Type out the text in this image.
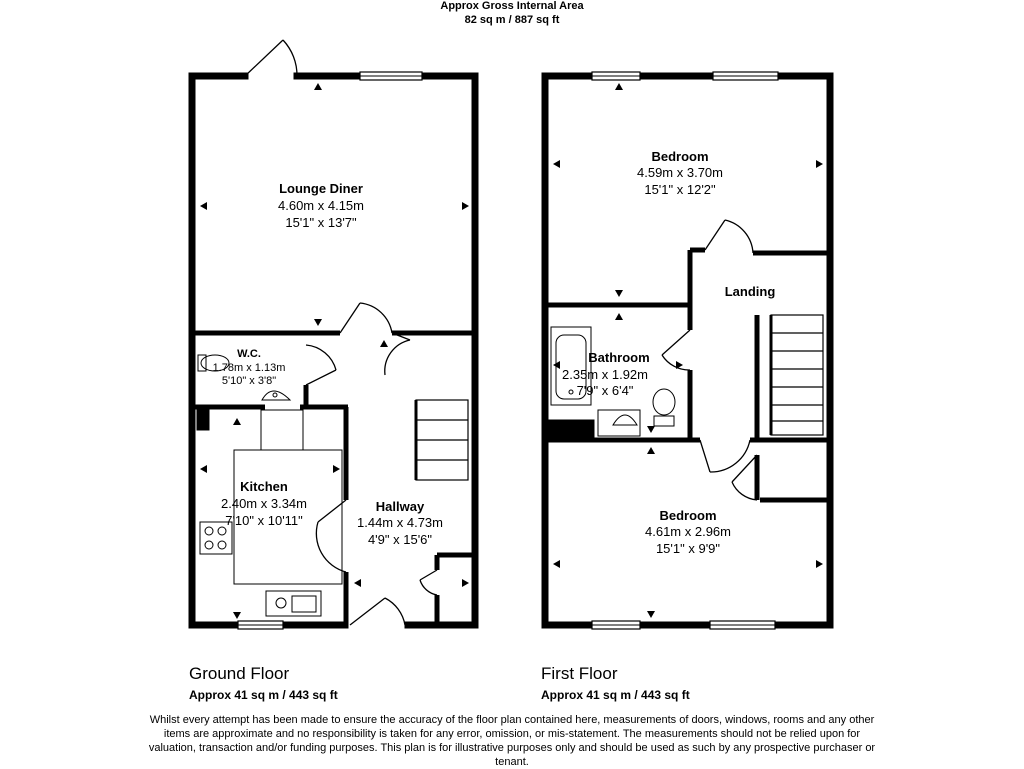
Approx Gross Internal Area
82 sq m / 887 sq ft
Lounge Diner
4.60m x 4.15m
15'1" x 13'7"
W.C.
1.78m x 1.13m
5'10" x 3'8"
Kitchen
2.40m x 3.34m
7'10" x 10'11"
Hallway
1.44m x 4.73m
4'9" x 15'6"
Bedroom
4.59m x 3.70m
15'1" x 12'2"
Landing
Bathroom
2.35m x 1.92m
7'9" x 6'4"
Bedroom
4.61m x 2.96m
15'1" x 9'9"
Ground Floor
Approx 41 sq m / 443 sq ft
First Floor
Approx 41 sq m / 443 sq ft

Whilst every attempt has been made to ensure the accuracy of the floor plan contained here, measurements of doors, windows, rooms and any other items are approximate and no responsibility is taken for any error, omission, or mis-statement. The measurements should not be relied upon for valuation, transaction and/or funding purposes. This plan is for illustrative purposes only and should be used as such by any prospective purchaser or tenant.
